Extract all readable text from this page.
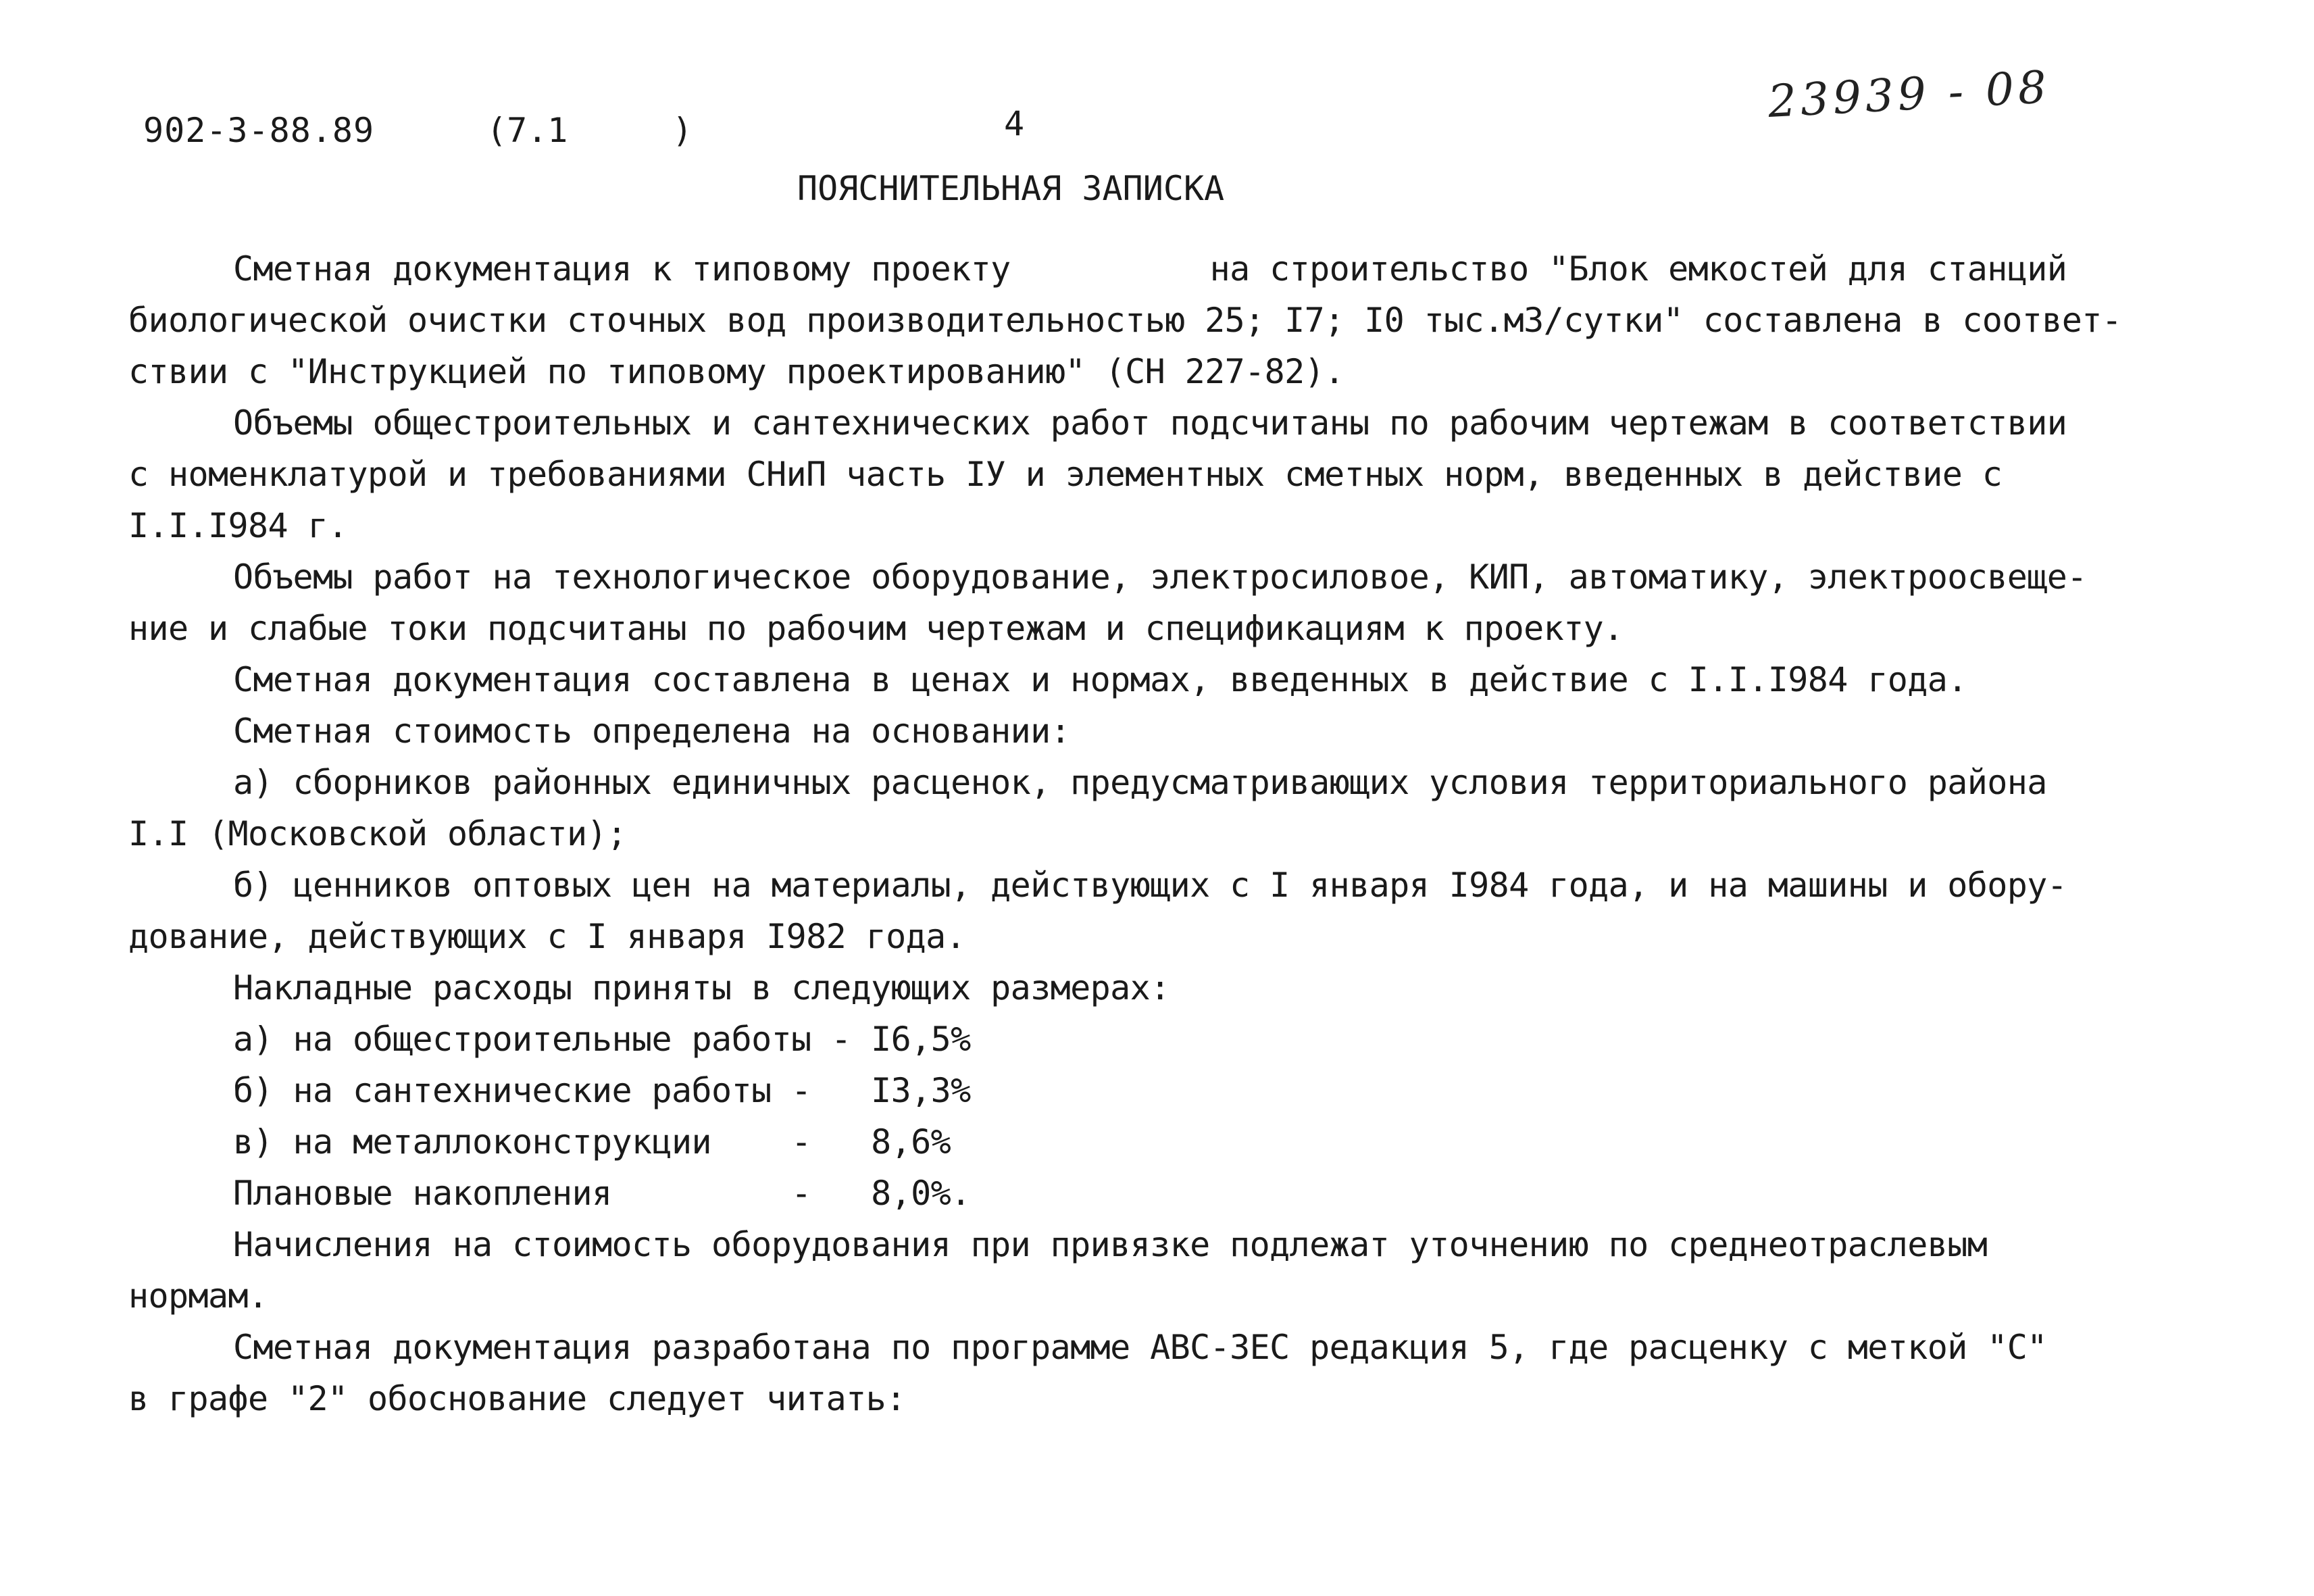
902-3-88.89	(7.1	)	4	23939 - 08
ПОЯСНИТЕЛЬНАЯ ЗАПИСКА
Сметная документация к типовому проекту          на строительство "Блок емкостей для станций
биологической очистки сточных вод производительностью 25; I7; I0 тыс.м3/сутки" составлена в соответ-
ствии с "Инструкцией по типовому проектированию" (СН 227-82).
Объемы общестроительных и сантехнических работ подсчитаны по рабочим чертежам в соответствии
с номенклатурой и требованиями СНиП часть IУ и элементных сметных норм, введенных в действие с
I.I.I984 г.
Объемы работ на технологическое оборудование, электросиловое, КИП, автоматику, электроосвеще-
ние и слабые токи подсчитаны по рабочим чертежам и спецификациям к проекту.
Сметная документация составлена в ценах и нормах, введенных в действие с I.I.I984 года.
Сметная стоимость определена на основании:
а) сборников районных единичных расценок, предусматривающих условия территориального района
I.I (Московской области);
б) ценников оптовых цен на материалы, действующих с I января I984 года, и на машины и обору-
дование, действующих с I января I982 года.
Накладные расходы приняты в следующих размерах:
а) на общестроительные работы - I6,5%
б) на сантехнические работы -   I3,3%
в) на металлоконструкции    -   8,6%
Плановые накопления         -   8,0%.
Начисления на стоимость оборудования при привязке подлежат уточнению по среднеотраслевым
нормам.
Сметная документация разработана по программе АВС-ЗЕС редакция 5, где расценку с меткой "С"
в графе "2" обоснование следует читать:
